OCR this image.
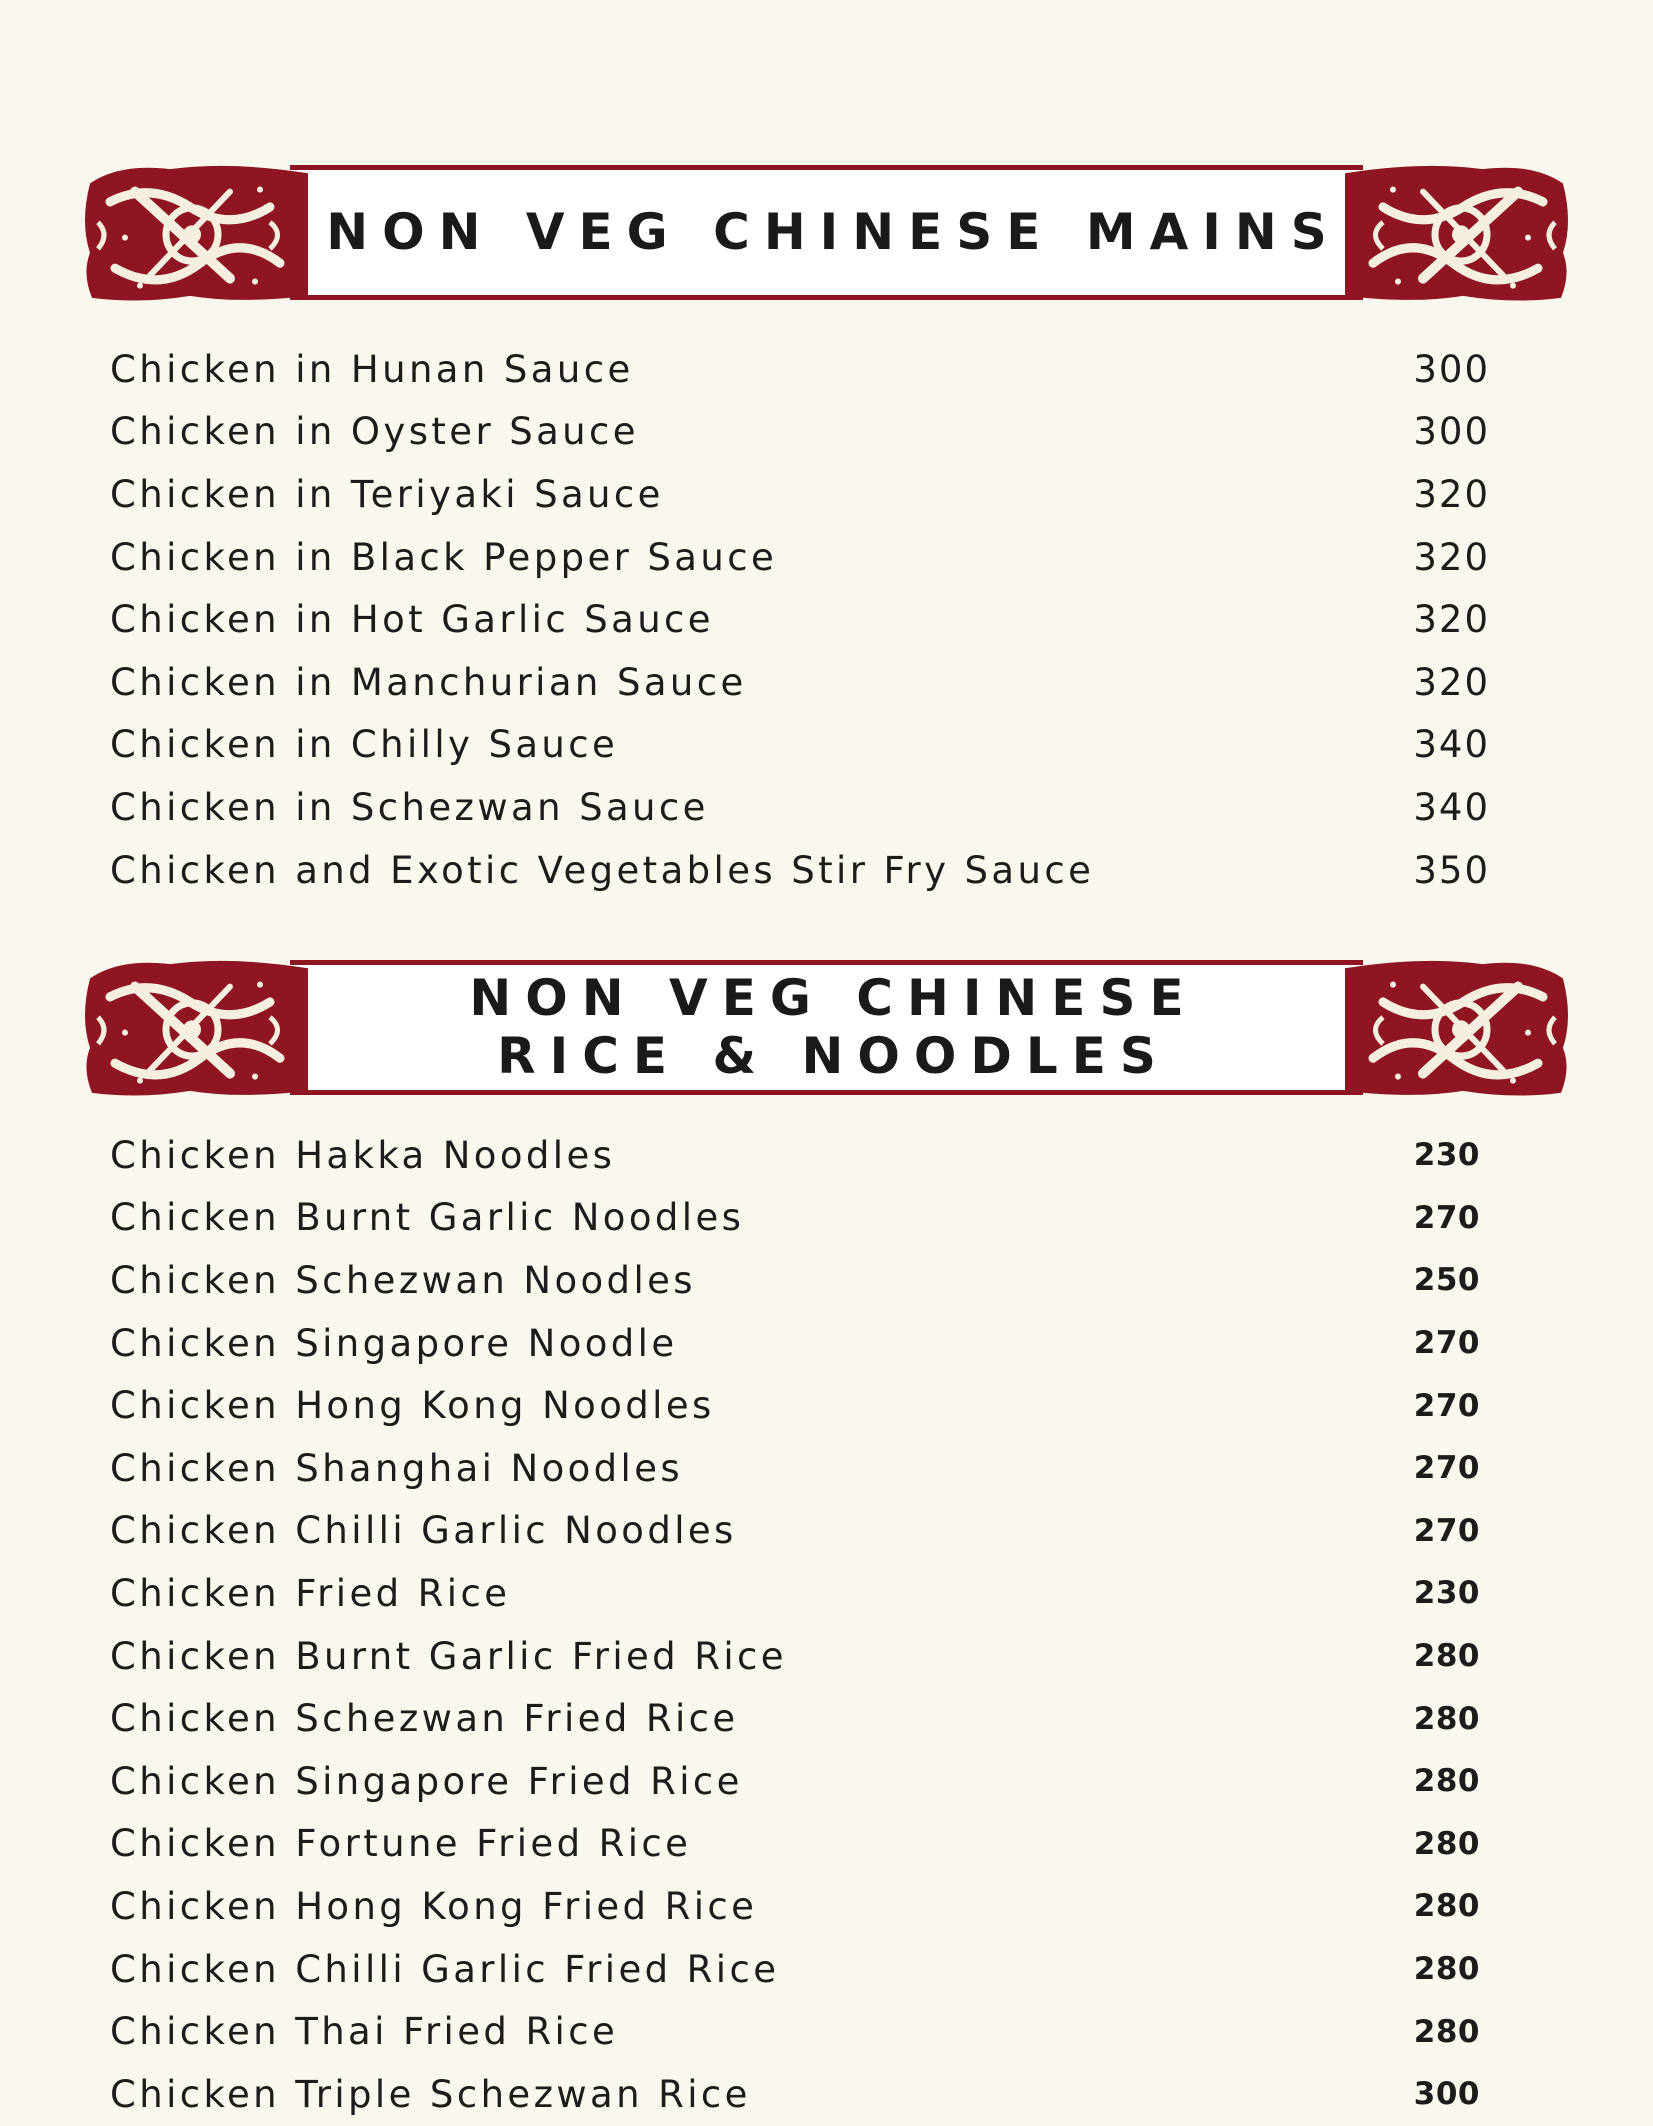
NON VEG CHINESE MAINS
Chicken in Hunan Sauce	300
Chicken in Oyster Sauce	300
Chicken in Teriyaki Sauce	320
Chicken in Black Pepper Sauce	320
Chicken in Hot Garlic Sauce	320
Chicken in Manchurian Sauce	320
Chicken in Chilly Sauce	340
Chicken in Schezwan Sauce	340
Chicken and Exotic Vegetables Stir Fry Sauce	350
NON VEG CHINESE
RICE & NOODLES
Chicken Hakka Noodles	230
Chicken Burnt Garlic Noodles	270
Chicken Schezwan Noodles	250
Chicken Singapore Noodle	270
Chicken Hong Kong Noodles	270
Chicken Shanghai Noodles	270
Chicken Chilli Garlic Noodles	270
Chicken Fried Rice	230
Chicken Burnt Garlic Fried Rice	280
Chicken Schezwan Fried Rice	280
Chicken Singapore Fried Rice	280
Chicken Fortune Fried Rice	280
Chicken Hong Kong Fried Rice	280
Chicken Chilli Garlic Fried Rice	280
Chicken Thai Fried Rice	280
Chicken Triple Schezwan Rice	300
